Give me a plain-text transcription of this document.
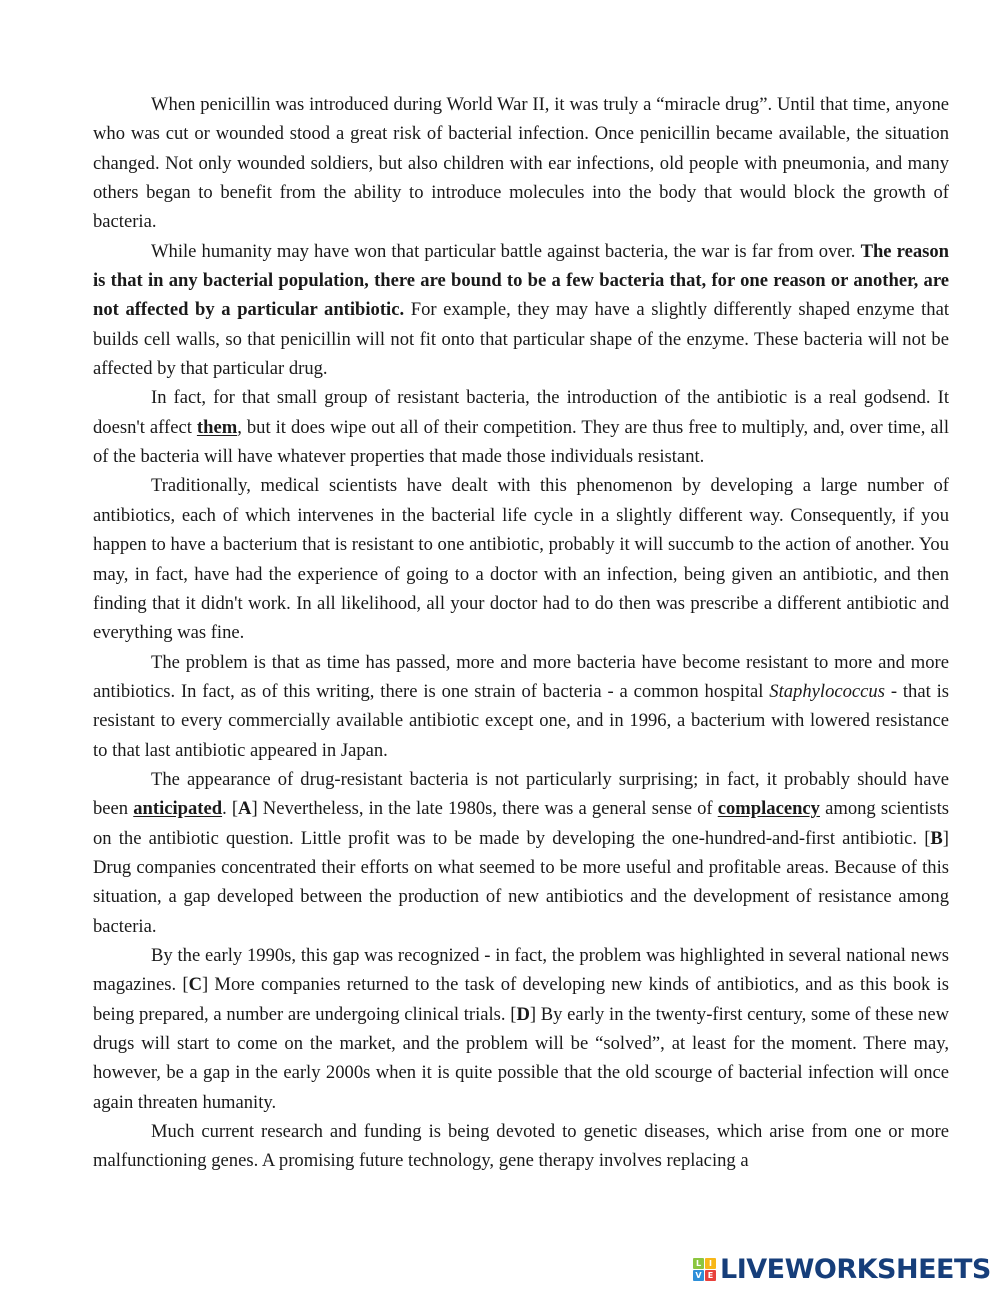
When penicillin was introduced during World War II, it was truly a “miracle drug”. Until that time, anyone who was cut or wounded stood a great risk of bacterial infection. Once penicillin became available, the situation changed. Not only wounded soldiers, but also children with ear infections, old people with pneumonia, and many others began to benefit from the ability to introduce molecules into the body that would block the growth of bacteria.

While humanity may have won that particular battle against bacteria, the war is far from over. The reason is that in any bacterial population, there are bound to be a few bacteria that, for one reason or another, are not affected by a particular antibiotic. For example, they may have a slightly differently shaped enzyme that builds cell walls, so that penicillin will not fit onto that particular shape of the enzyme. These bacteria will not be affected by that particular drug.

In fact, for that small group of resistant bacteria, the introduction of the antibiotic is a real godsend. It doesn't affect them, but it does wipe out all of their competition. They are thus free to multiply, and, over time, all of the bacteria will have whatever properties that made those individuals resistant.

Traditionally, medical scientists have dealt with this phenomenon by developing a large number of antibiotics, each of which intervenes in the bacterial life cycle in a slightly different way. Consequently, if you happen to have a bacterium that is resistant to one antibiotic, probably it will succumb to the action of another. You may, in fact, have had the experience of going to a doctor with an infection, being given an antibiotic, and then finding that it didn't work. In all likelihood, all your doctor had to do then was prescribe a different antibiotic and everything was fine.

The problem is that as time has passed, more and more bacteria have become resistant to more and more antibiotics. In fact, as of this writing, there is one strain of bacteria - a common hospital Staphylococcus - that is resistant to every commercially available antibiotic except one, and in 1996, a bacterium with lowered resistance to that last antibiotic appeared in Japan.

The appearance of drug-resistant bacteria is not particularly surprising; in fact, it probably should have been anticipated. [A] Nevertheless, in the late 1980s, there was a general sense of complacency among scientists on the antibiotic question. Little profit was to be made by developing the one-hundred-and-first antibiotic. [B] Drug companies concentrated their efforts on what seemed to be more useful and profitable areas. Because of this situation, a gap developed between the production of new antibiotics and the development of resistance among bacteria.

By the early 1990s, this gap was recognized - in fact, the problem was highlighted in several national news magazines. [C] More companies returned to the task of developing new kinds of antibiotics, and as this book is being prepared, a number are undergoing clinical trials. [D] By early in the twenty-first century, some of these new drugs will start to come on the market, and the problem will be “solved”, at least for the moment. There may, however, be a gap in the early 2000s when it is quite possible that the old scourge of bacterial infection will once again threaten humanity.

Much current research and funding is being devoted to genetic diseases, which arise from one or more malfunctioning genes. A promising future technology, gene therapy involves replacing a

L I
V E LIVEWORKSHEETS
